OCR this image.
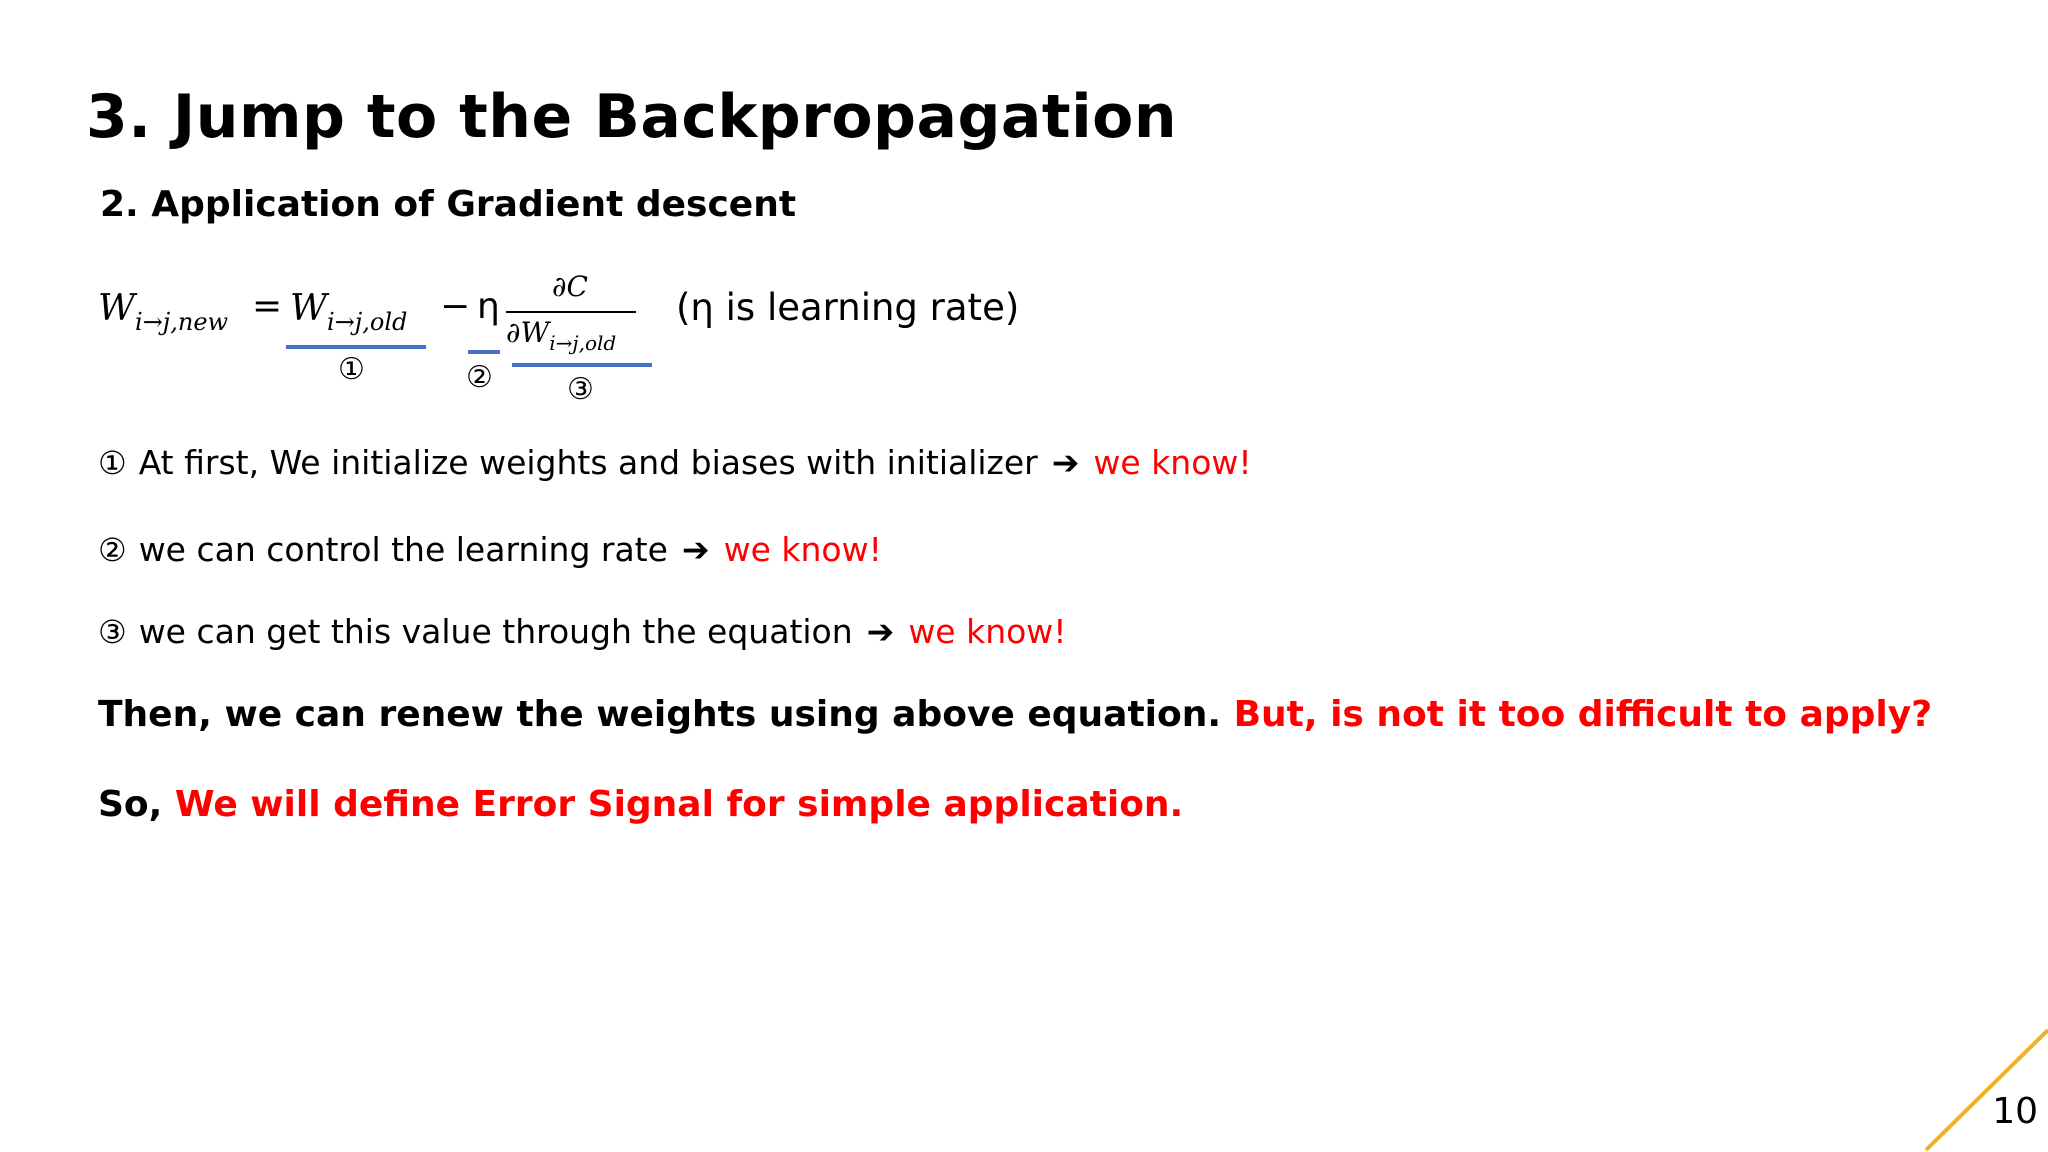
3. Jump to the Backpropagation
2. Application of Gradient descent
$W_{i\to j,new} = W_{i\to j,old} - \eta$ ∂C
$\partial W_{i\to j,old}$
(η is learning rate)
①	② ③
① At first, We initialize weights and biases with initializer ➔ we know!
② we can control the learning rate ➔ we know!
③ we can get this value through the equation ➔ we know!
Then, we can renew the weights using above equation. But, is not it too difficult to apply?
So, We will define Error Signal for simple application.
10
